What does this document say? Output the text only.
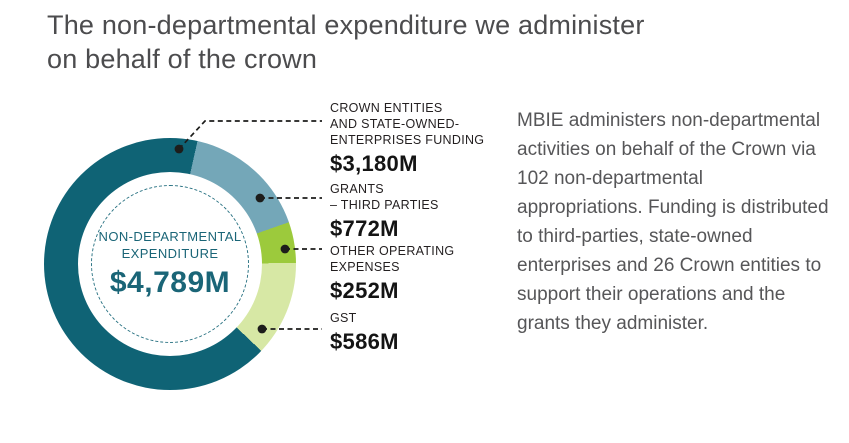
The non-departmental expenditure we administer
on behalf of the crown
NON-DEPARTMENTAL
EXPENDITURE
$4,789M
CROWN ENTITIES
AND STATE-OWNED-
ENTERPRISES FUNDING
$3,180M
GRANTS
– THIRD PARTIES
$772M
OTHER OPERATING
EXPENSES
$252M
GST
$586M

MBIE administers non-departmental activities on behalf of the Crown via 102 non-departmental appropriations. Funding is distributed to third-parties, state-owned enterprises and 26 Crown entities to support their operations and the grants they administer.
